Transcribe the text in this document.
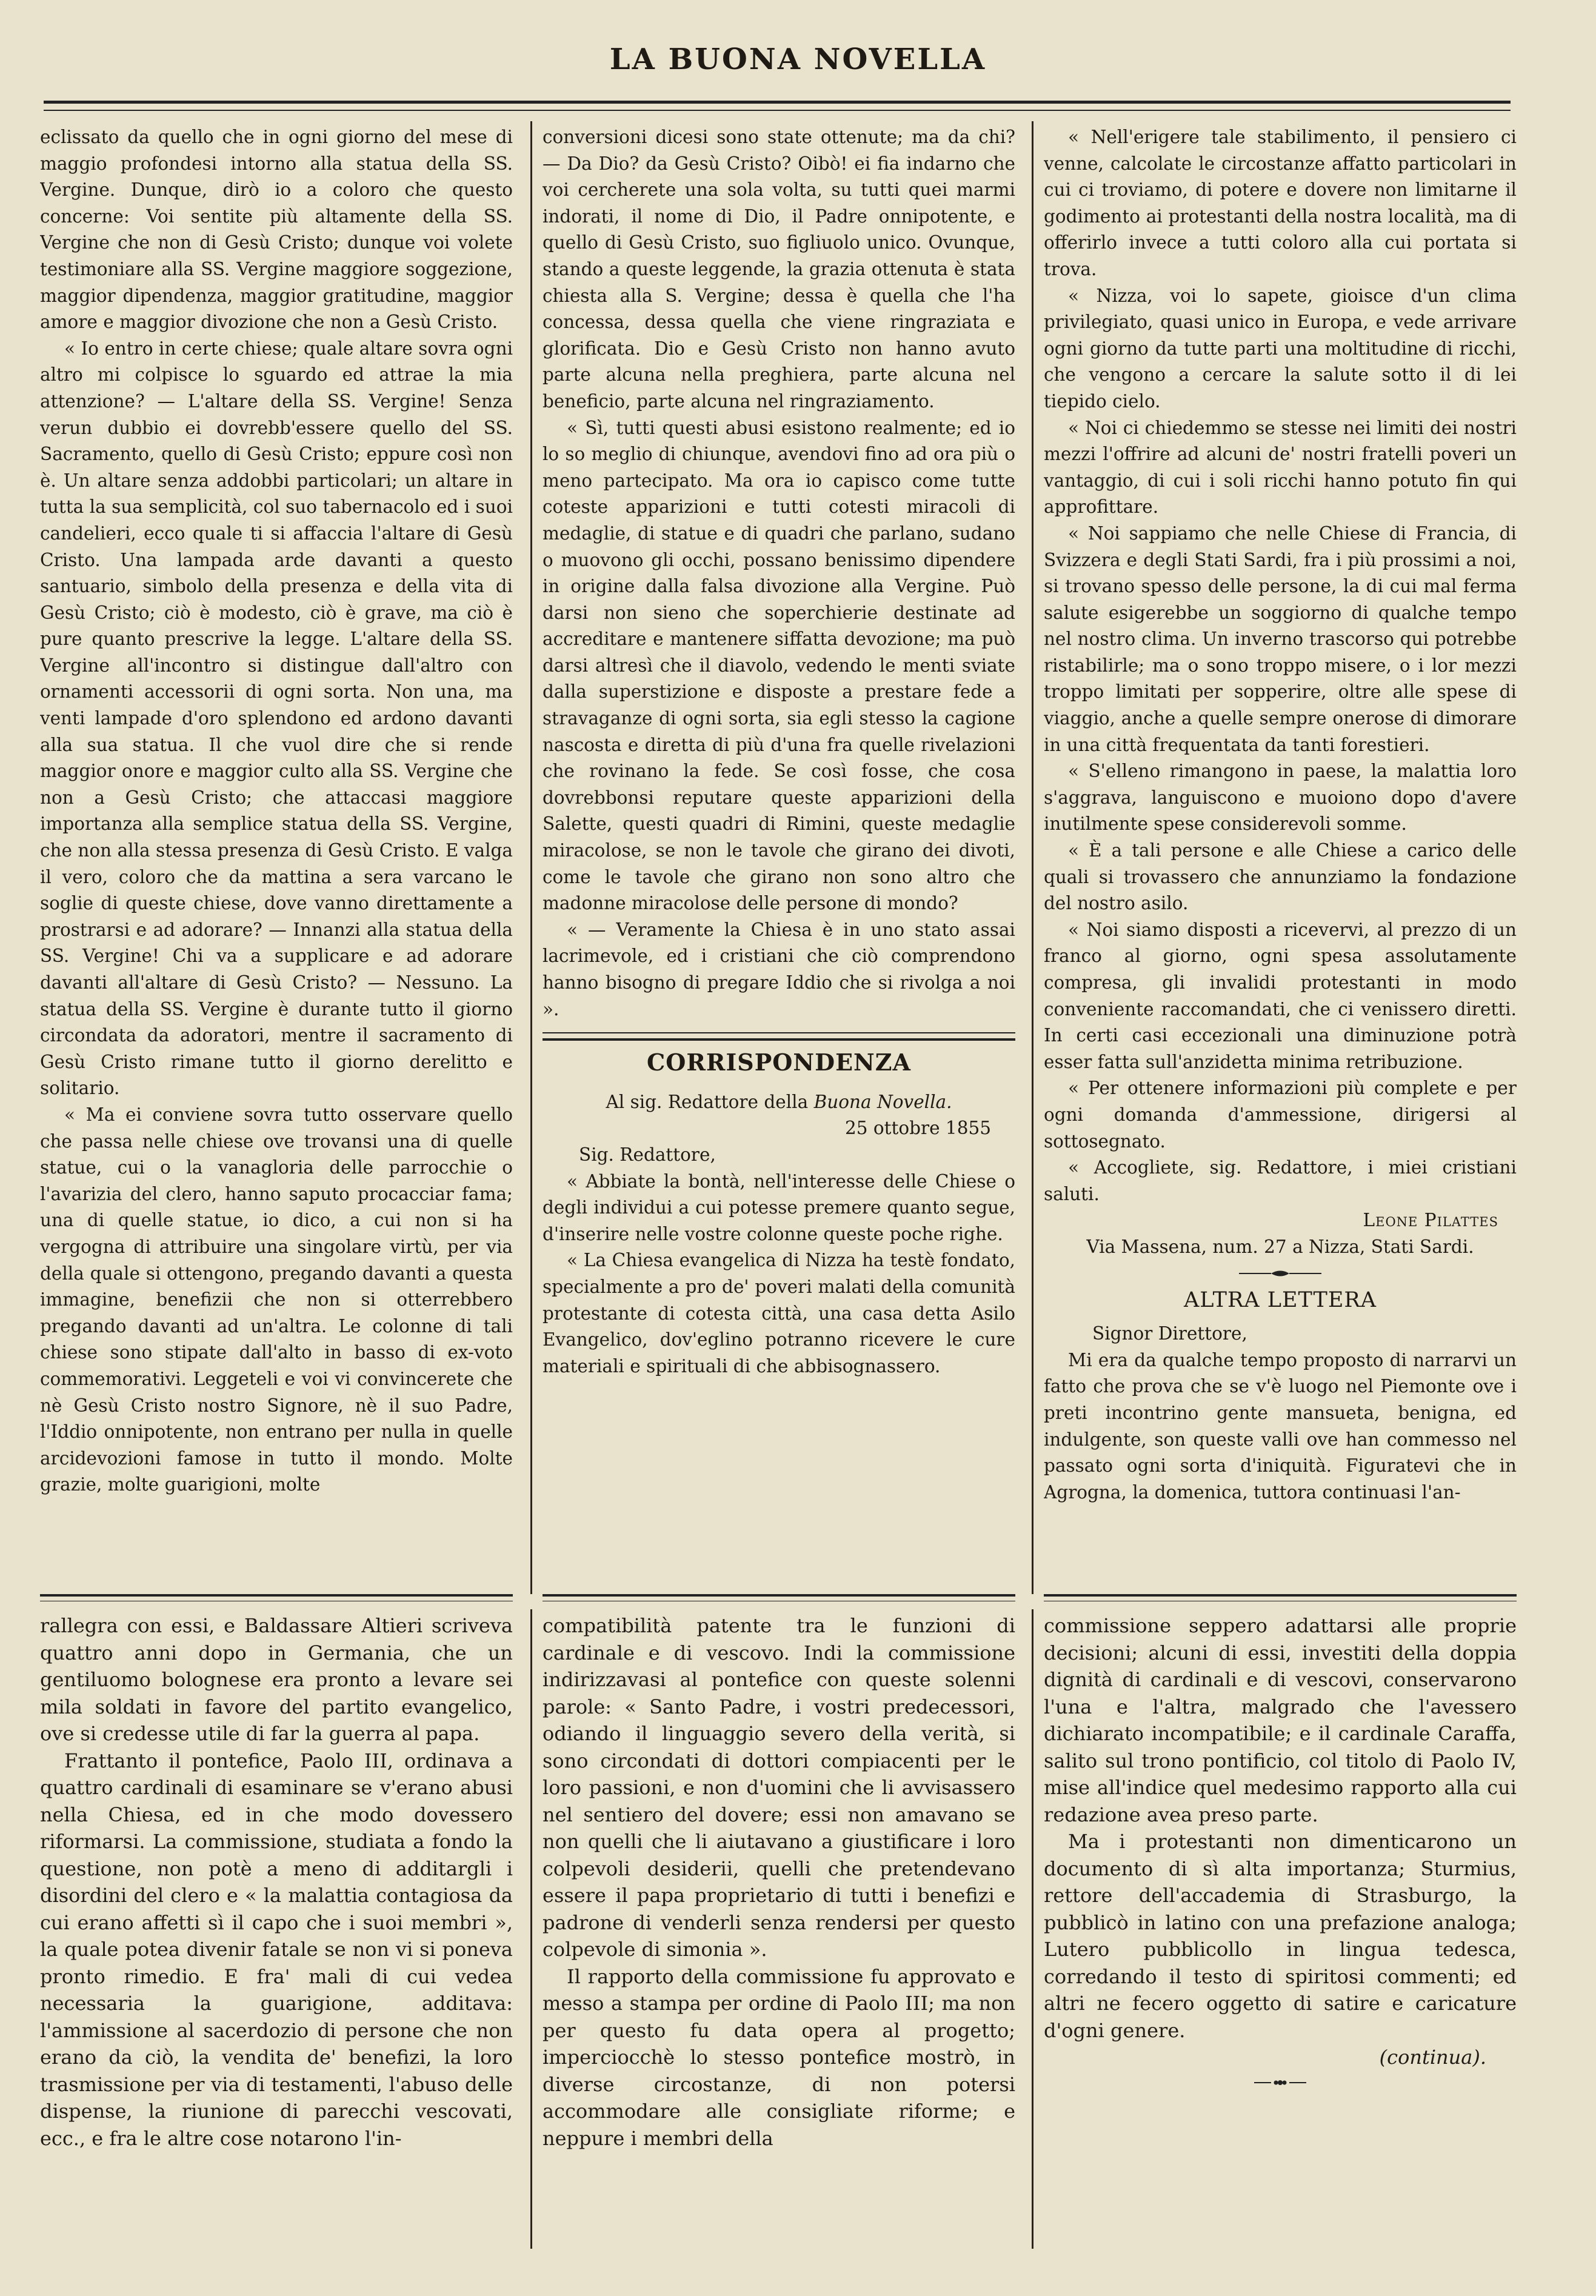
LA BUONA NOVELLA

eclissato da quello che in ogni giorno del mese di maggio profondesi intorno alla statua della SS. Vergine. Dunque, dirò io a coloro che questo concerne: Voi sentite più altamente della SS. Vergine che non di Gesù Cristo; dunque voi volete testimoniare alla SS. Vergine maggiore soggezione, maggior dipendenza, maggior gratitudine, maggior amore e maggior divozione che non a Gesù Cristo.

« Io entro in certe chiese; quale altare sovra ogni altro mi colpisce lo sguardo ed attrae la mia attenzione? — L'altare della SS. Vergine! Senza verun dubbio ei dovrebb'essere quello del SS. Sacramento, quello di Gesù Cristo; eppure così non è. Un altare senza addobbi particolari; un altare in tutta la sua semplicità, col suo tabernacolo ed i suoi candelieri, ecco quale ti si affaccia l'altare di Gesù Cristo. Una lampada arde davanti a questo santuario, simbolo della presenza e della vita di Gesù Cristo; ciò è modesto, ciò è grave, ma ciò è pure quanto prescrive la legge. L'altare della SS. Vergine all'incontro si distingue dall'altro con ornamenti accessorii di ogni sorta. Non una, ma venti lampade d'oro splendono ed ardono davanti alla sua statua. Il che vuol dire che si rende maggior onore e maggior culto alla SS. Vergine che non a Gesù Cristo; che attaccasi maggiore importanza alla semplice statua della SS. Vergine, che non alla stessa presenza di Gesù Cristo. E valga il vero, coloro che da mattina a sera varcano le soglie di queste chiese, dove vanno direttamente a prostrarsi e ad adorare? — Innanzi alla statua della SS. Vergine! Chi va a supplicare e ad adorare davanti all'altare di Gesù Cristo? — Nessuno. La statua della SS. Vergine è durante tutto il giorno circondata da adoratori, mentre il sacramento di Gesù Cristo rimane tutto il giorno derelitto e solitario.

« Ma ei conviene sovra tutto osservare quello che passa nelle chiese ove trovansi una di quelle statue, cui o la vanagloria delle parrocchie o l'avarizia del clero, hanno saputo procacciar fama; una di quelle statue, io dico, a cui non si ha vergogna di attribuire una singolare virtù, per via della quale si ottengono, pregando davanti a questa immagine, benefizii che non si otterrebbero pregando davanti ad un'altra. Le colonne di tali chiese sono stipate dall'alto in basso di ex-voto commemorativi. Leggeteli e voi vi convincerete che nè Gesù Cristo nostro Signore, nè il suo Padre, l'Iddio onnipotente, non entrano per nulla in quelle arcidevozioni famose in tutto il mondo. Molte grazie, molte guarigioni, molte

conversioni dicesi sono state ottenute; ma da chi? — Da Dio? da Gesù Cristo? Oibò! ei fia indarno che voi cercherete una sola volta, su tutti quei marmi indorati, il nome di Dio, il Padre onnipotente, e quello di Gesù Cristo, suo figliuolo unico. Ovunque, stando a queste leggende, la grazia ottenuta è stata chiesta alla S. Vergine; dessa è quella che l'ha concessa, dessa quella che viene ringraziata e glorificata. Dio e Gesù Cristo non hanno avuto parte alcuna nella preghiera, parte alcuna nel beneficio, parte alcuna nel ringraziamento.

« Sì, tutti questi abusi esistono realmente; ed io lo so meglio di chiunque, avendovi fino ad ora più o meno partecipato. Ma ora io capisco come tutte coteste apparizioni e tutti cotesti miracoli di medaglie, di statue e di quadri che parlano, sudano o muovono gli occhi, possano benissimo dipendere in origine dalla falsa divozione alla Vergine. Può darsi non sieno che soperchierie destinate ad accreditare e mantenere siffatta devozione; ma può darsi altresì che il diavolo, vedendo le menti sviate dalla superstizione e disposte a prestare fede a stravaganze di ogni sorta, sia egli stesso la cagione nascosta e diretta di più d'una fra quelle rivelazioni che rovinano la fede. Se così fosse, che cosa dovrebbonsi reputare queste apparizioni della Salette, questi quadri di Rimini, queste medaglie miracolose, se non le tavole che girano dei divoti, come le tavole che girano non sono altro che madonne miracolose delle persone di mondo?

« — Veramente la Chiesa è in uno stato assai lacrimevole, ed i cristiani che ciò comprendono hanno bisogno di pregare Iddio che si rivolga a noi ».

CORRISPONDENZA

Al sig. Redattore della Buona Novella.

25 ottobre 1855

Sig. Redattore,

« Abbiate la bontà, nell'interesse delle Chiese o degli individui a cui potesse premere quanto segue, d'inserire nelle vostre colonne queste poche righe.

« La Chiesa evangelica di Nizza ha testè fondato, specialmente a pro de' poveri malati della comunità protestante di cotesta città, una casa detta Asilo Evangelico, dov'eglino potranno ricevere le cure materiali e spirituali di che abbisognassero.

« Nell'erigere tale stabilimento, il pensiero ci venne, calcolate le circostanze affatto particolari in cui ci troviamo, di potere e dovere non limitarne il godimento ai protestanti della nostra località, ma di offerirlo invece a tutti coloro alla cui portata si trova.

« Nizza, voi lo sapete, gioisce d'un clima privilegiato, quasi unico in Europa, e vede arrivare ogni giorno da tutte parti una moltitudine di ricchi, che vengono a cercare la salute sotto il di lei tiepido cielo.

« Noi ci chiedemmo se stesse nei limiti dei nostri mezzi l'offrire ad alcuni de' nostri fratelli poveri un vantaggio, di cui i soli ricchi hanno potuto fin qui approfittare.

« Noi sappiamo che nelle Chiese di Francia, di Svizzera e degli Stati Sardi, fra i più prossimi a noi, si trovano spesso delle persone, la di cui mal ferma salute esigerebbe un soggiorno di qualche tempo nel nostro clima. Un inverno trascorso qui potrebbe ristabilirle; ma o sono troppo misere, o i lor mezzi troppo limitati per sopperire, oltre alle spese di viaggio, anche a quelle sempre onerose di dimorare in una città frequentata da tanti forestieri.

« S'elleno rimangono in paese, la malattia loro s'aggrava, languiscono e muoiono dopo d'avere inutilmente spese considerevoli somme.

« È a tali persone e alle Chiese a carico delle quali si trovassero che annunziamo la fondazione del nostro asilo.

« Noi siamo disposti a ricevervi, al prezzo di un franco al giorno, ogni spesa assolutamente compresa, gli invalidi protestanti in modo conveniente raccomandati, che ci venissero diretti. In certi casi eccezionali una diminuzione potrà esser fatta sull'anzidetta minima retribuzione.

« Per ottenere informazioni più complete e per ogni domanda d'ammessione, dirigersi al sottosegnato.

« Accogliete, sig. Redattore, i miei cristiani saluti.

Leone Pilattes

Via Massena, num. 27 a Nizza, Stati Sardi.

ALTRA LETTERA

Signor Direttore,

Mi era da qualche tempo proposto di narrarvi un fatto che prova che se v'è luogo nel Piemonte ove i preti incontrino gente mansueta, benigna, ed indulgente, son queste valli ove han commesso nel passato ogni sorta d'iniquità. Figuratevi che in Agrogna, la domenica, tuttora continuasi l'an-

rallegra con essi, e Baldassare Altieri scriveva quattro anni dopo in Germania, che un gentiluomo bolognese era pronto a levare sei mila soldati in favore del partito evangelico, ove si credesse utile di far la guerra al papa.

Frattanto il pontefice, Paolo III, ordinava a quattro cardinali di esaminare se v'erano abusi nella Chiesa, ed in che modo dovessero riformarsi. La commissione, studiata a fondo la questione, non potè a meno di additargli i disordini del clero e « la malattia contagiosa da cui erano affetti sì il capo che i suoi membri », la quale potea divenir fatale se non vi si poneva pronto rimedio. E fra' mali di cui vedea necessaria la guarigione, additava: l'ammissione al sacerdozio di persone che non erano da ciò, la vendita de' benefizi, la loro trasmissione per via di testamenti, l'abuso delle dispense, la riunione di parecchi vescovati, ecc., e fra le altre cose notarono l'in-

compatibilità patente tra le funzioni di cardinale e di vescovo. Indi la commissione indirizzavasi al pontefice con queste solenni parole: « Santo Padre, i vostri predecessori, odiando il linguaggio severo della verità, si sono circondati di dottori compiacenti per le loro passioni, e non d'uomini che li avvisassero nel sentiero del dovere; essi non amavano se non quelli che li aiutavano a giustificare i loro colpevoli desiderii, quelli che pretendevano essere il papa proprietario di tutti i benefizi e padrone di venderli senza rendersi per questo colpevole di simonia ».

Il rapporto della commissione fu approvato e messo a stampa per ordine di Paolo III; ma non per questo fu data opera al progetto; imperciocchè lo stesso pontefice mostrò, in diverse circostanze, di non potersi accommodare alle consigliate riforme; e neppure i membri della

commissione seppero adattarsi alle proprie decisioni; alcuni di essi, investiti della doppia dignità di cardinali e di vescovi, conservarono l'una e l'altra, malgrado che l'avessero dichiarato incompatibile; e il cardinale Caraffa, salito sul trono pontificio, col titolo di Paolo IV, mise all'indice quel medesimo rapporto alla cui redazione avea preso parte.

Ma i protestanti non dimenticarono un documento di sì alta importanza; Sturmius, rettore dell'accademia di Strasburgo, la pubblicò in latino con una prefazione analoga; Lutero pubblicollo in lingua tedesca, corredando il testo di spiritosi commenti; ed altri ne fecero oggetto di satire e caricature d'ogni genere.

(continua).
